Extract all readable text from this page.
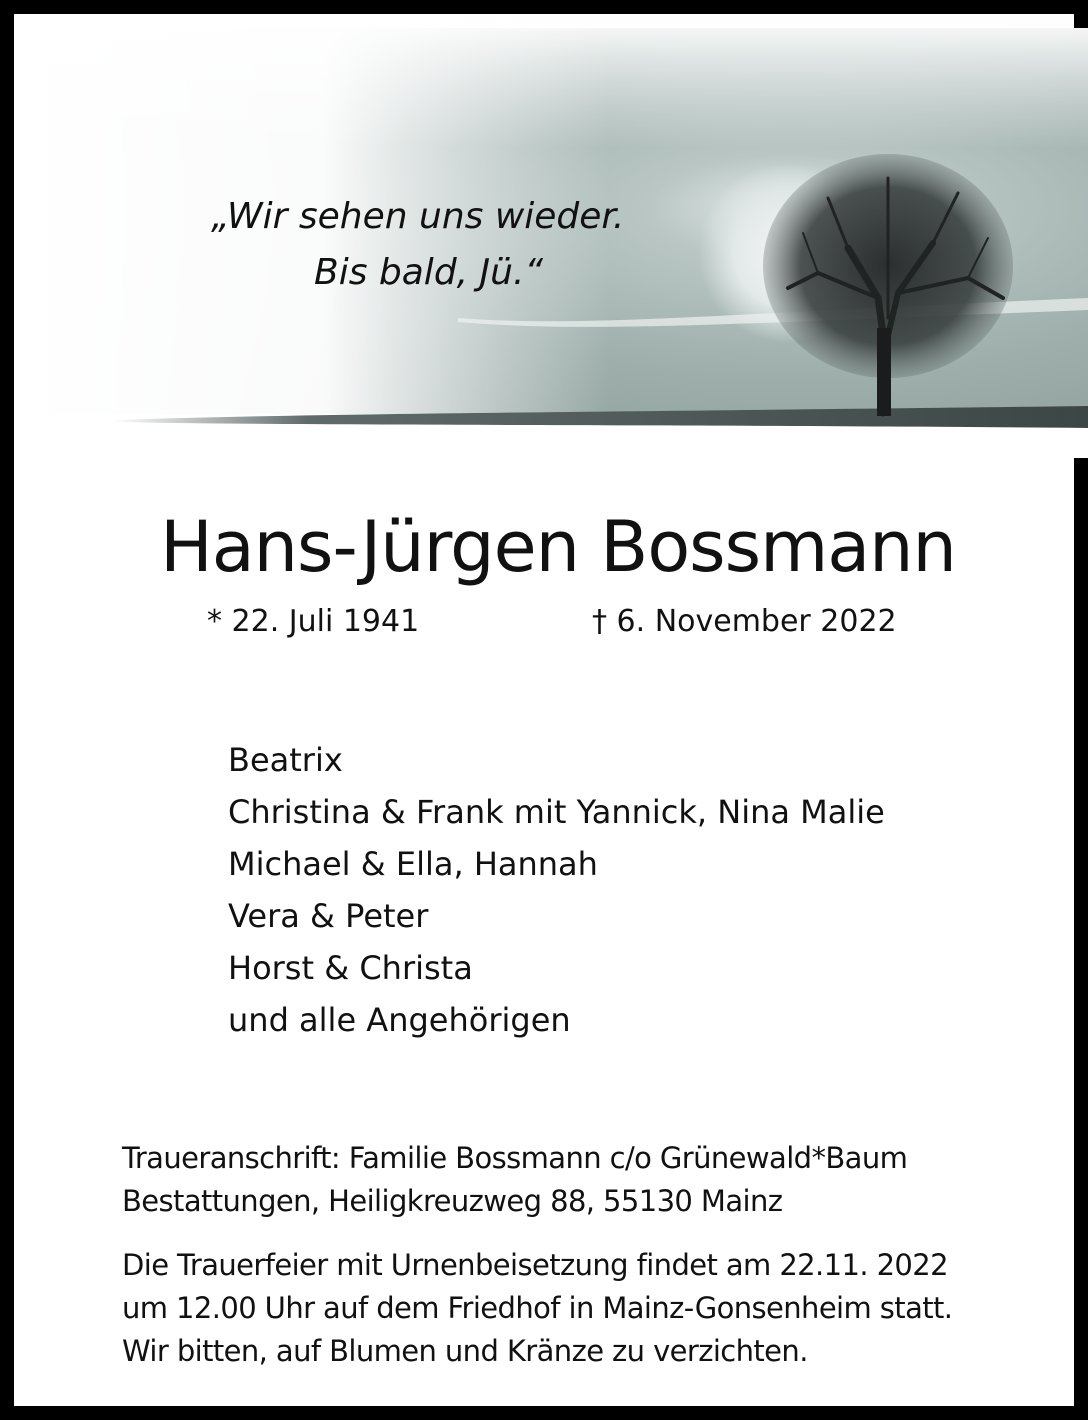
„Wir sehen uns wieder.
Bis bald, Jü.“
Hans-Jürgen Bossmann
* 22. Juli 1941	† 6. November 2022
Beatrix
Christina & Frank mit Yannick, Nina Malie
Michael & Ella, Hannah
Vera & Peter
Horst & Christa
und alle Angehörigen
Traueranschrift: Familie Bossmann c/o Grünewald*Baum
Bestattungen, Heiligkreuzweg 88, 55130 Mainz
Die Trauerfeier mit Urnenbeisetzung findet am 22.11. 2022
um 12.00 Uhr auf dem Friedhof in Mainz-Gonsenheim statt.
Wir bitten, auf Blumen und Kränze zu verzichten.
